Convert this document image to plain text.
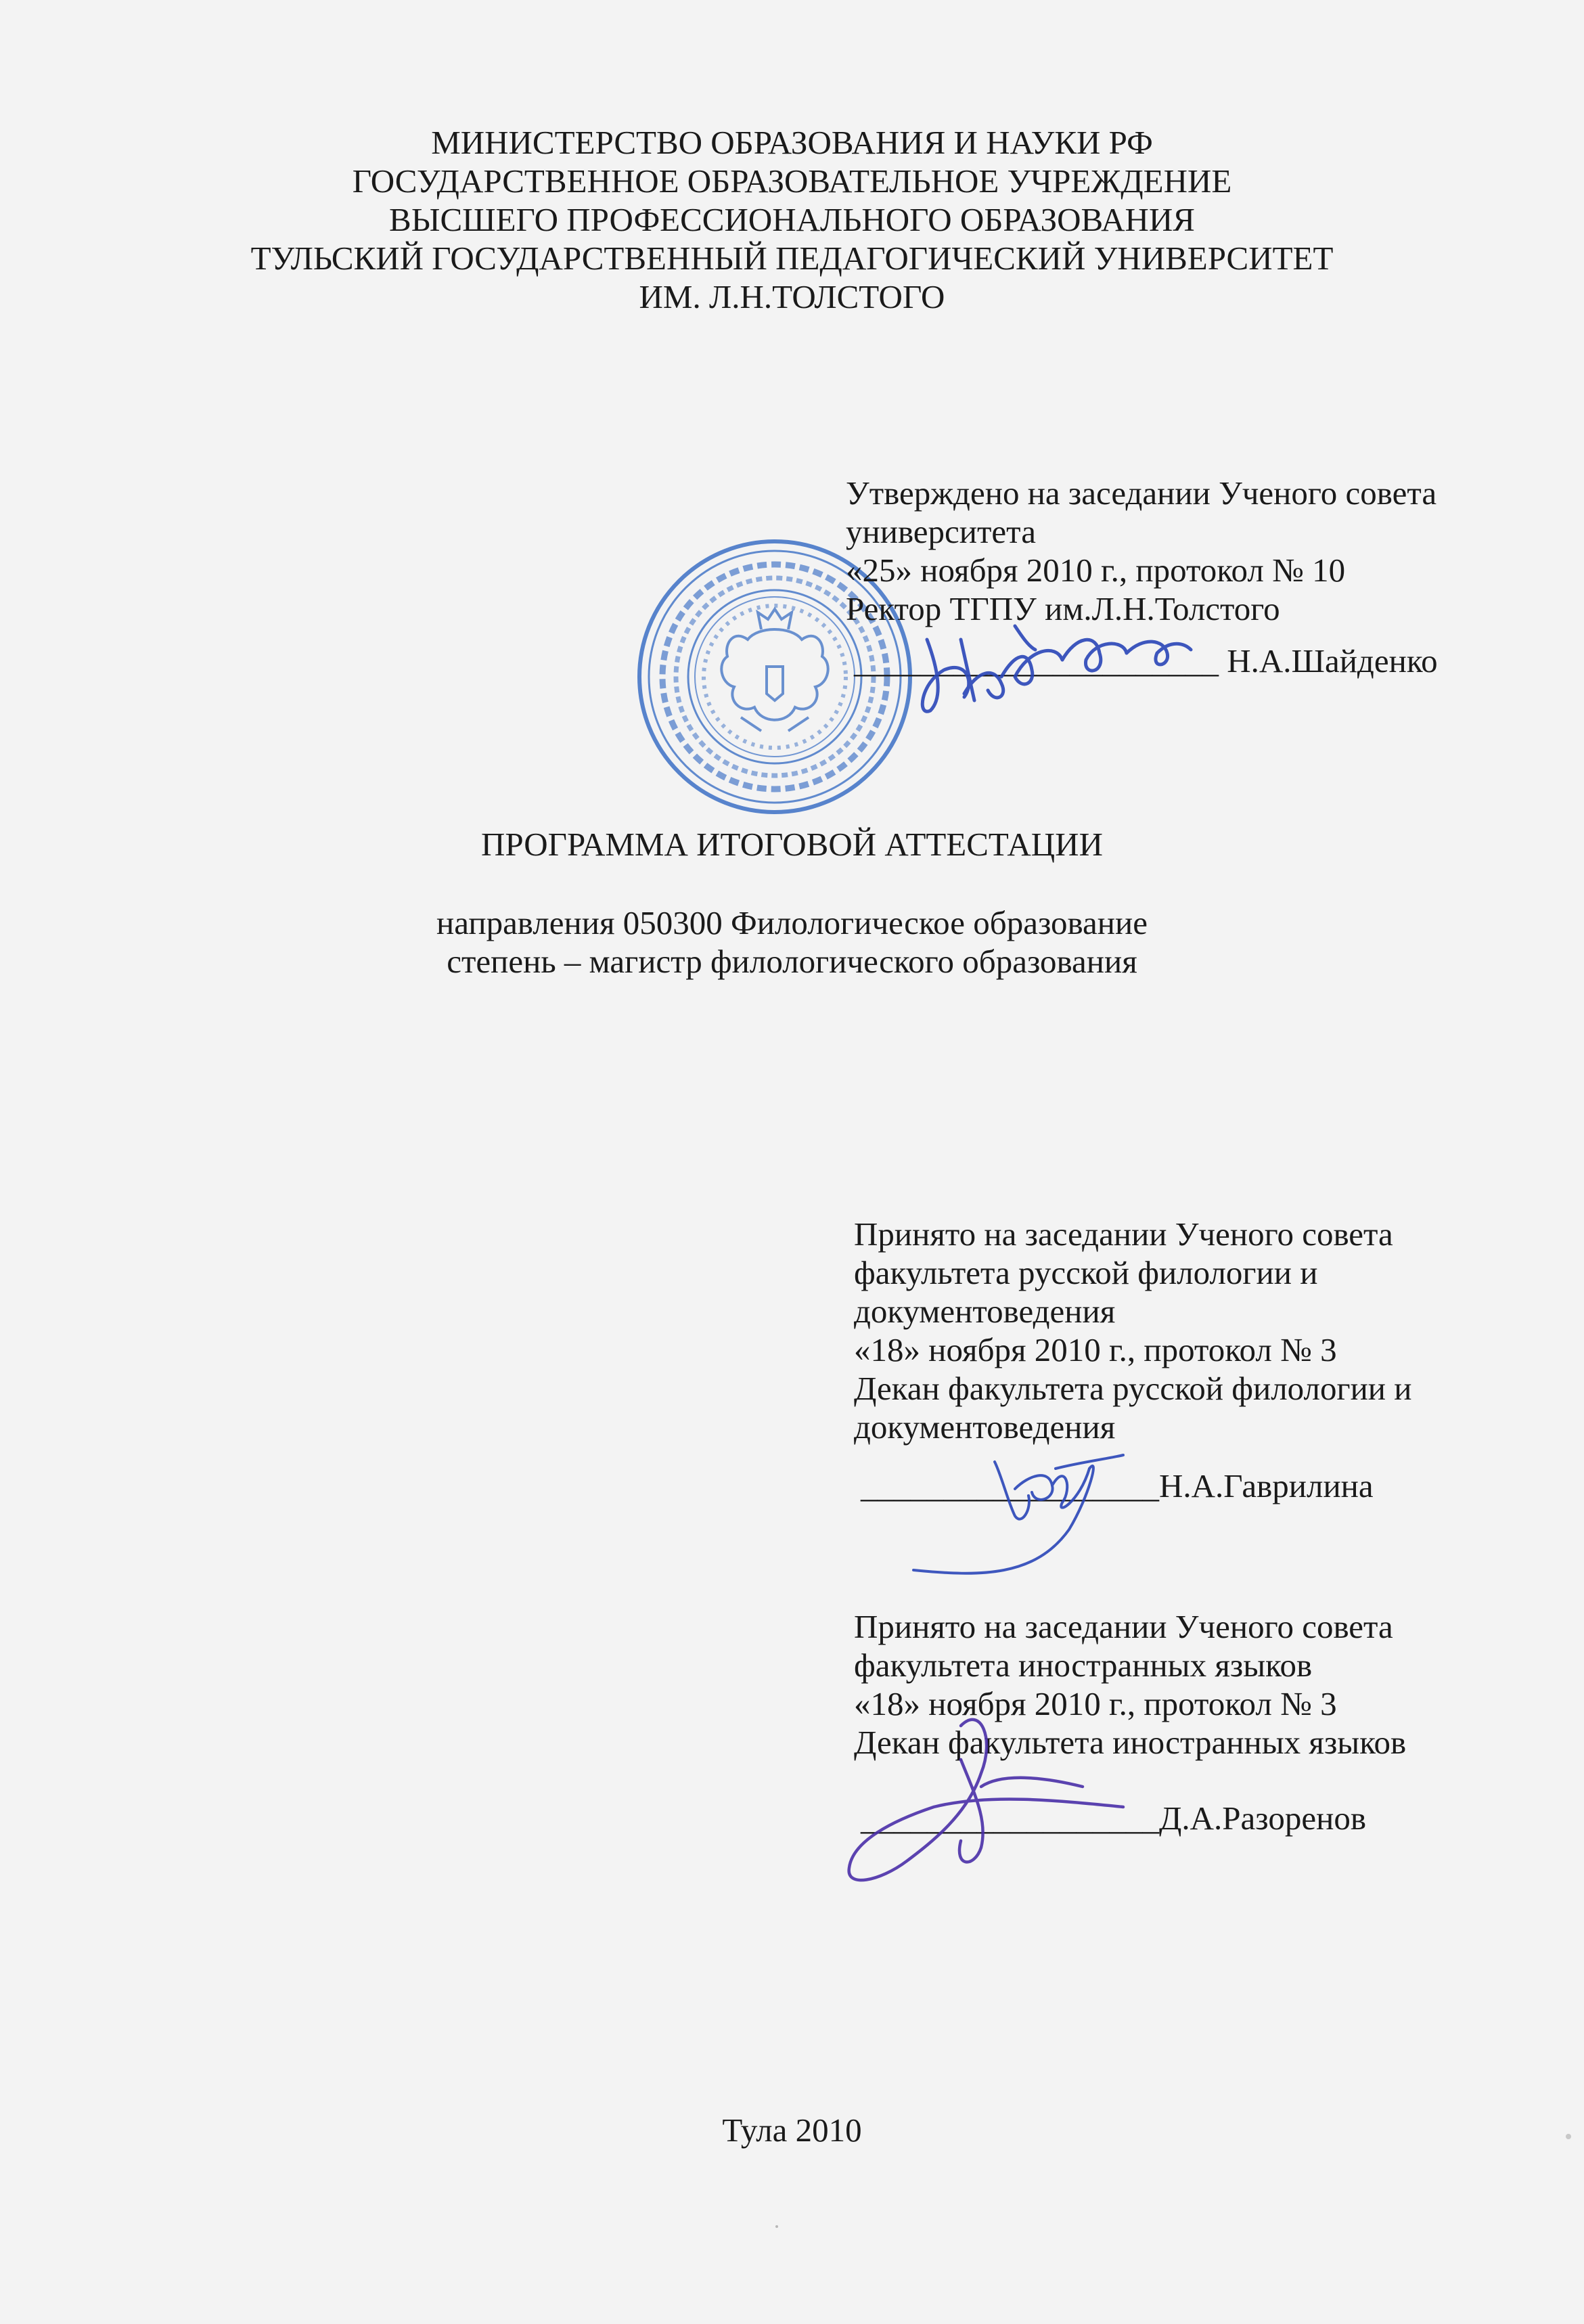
МИНИСТЕРСТВО ОБРАЗОВАНИЯ И НАУКИ РФ
ГОСУДАРСТВЕННОЕ ОБРАЗОВАТЕЛЬНОЕ УЧРЕЖДЕНИЕ
ВЫСШЕГО ПРОФЕССИОНАЛЬНОГО ОБРАЗОВАНИЯ
ТУЛЬСКИЙ ГОСУДАРСТВЕННЫЙ ПЕДАГОГИЧЕСКИЙ УНИВЕРСИТЕТ
ИМ. Л.Н.ТОЛСТОГО
Утверждено на заседании Ученого совета
университета
«25» ноября 2010 г., протокол № 10
Ректор ТГПУ им.Л.Н.Толстого
______________________ Н.А.Шайденко
ПРОГРАММА ИТОГОВОЙ АТТЕСТАЦИИ
направления 050300 Филологическое образование
степень – магистр филологического образования
Принято на заседании Ученого совета
факультета русской филологии и
документоведения
«18» ноября 2010 г., протокол № 3
Декан факультета русской филологии и
документоведения
__________________Н.А.Гаврилина
Принято на заседании Ученого совета
факультета иностранных языков
«18» ноября 2010 г., протокол № 3
Декан факультета иностранных языков
__________________Д.А.Разоренов
Тула 2010
